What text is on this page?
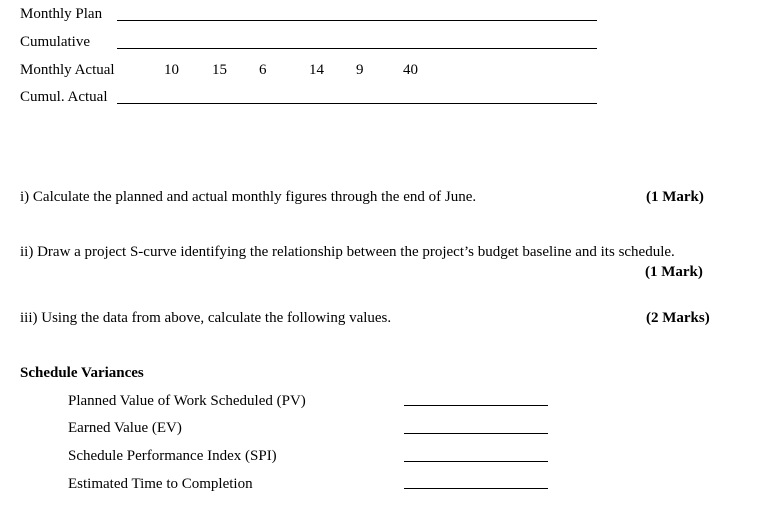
Monthly Plan
Cumulative
Monthly Actual	10 15 6	14 9	40
Cumul. Actual
i) Calculate the planned and actual monthly figures through the end of June.	(1 Mark)
ii) Draw a project S-curve identifying the relationship between the project’s budget baseline and its schedule.
(1 Mark)
iii) Using the data from above, calculate the following values.	(2 Marks)
Schedule Variances
Planned Value of Work Scheduled (PV)
Earned Value (EV)
Schedule Performance Index (SPI)
Estimated Time to Completion
